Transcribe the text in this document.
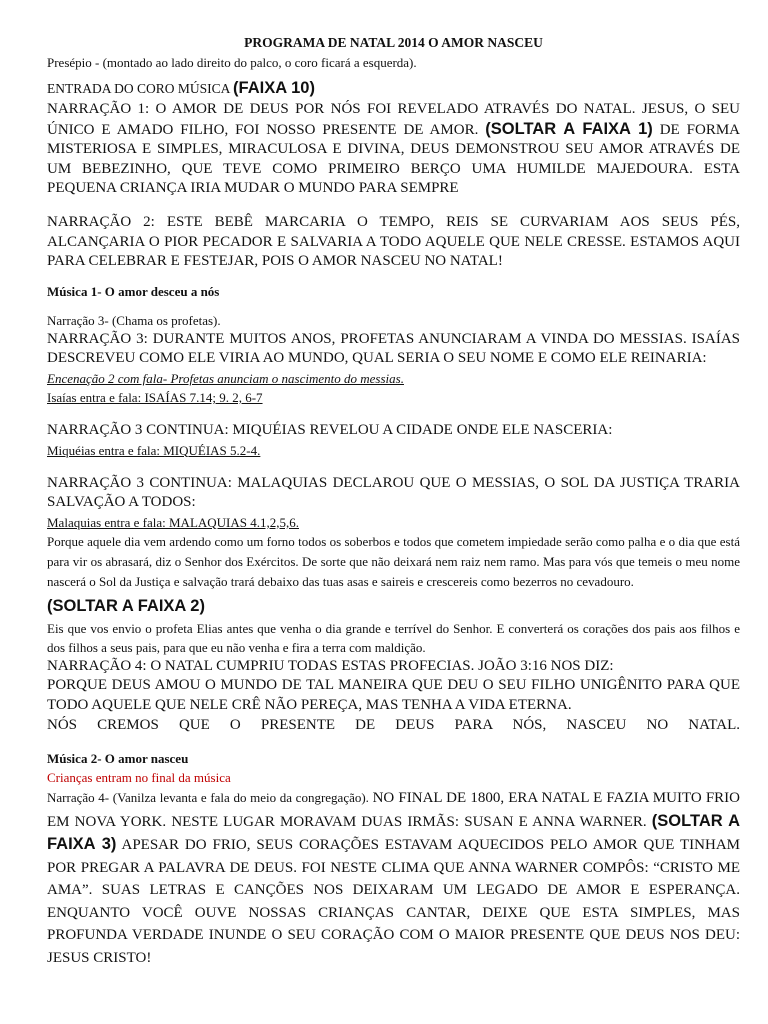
PROGRAMA DE NATAL 2014 O AMOR NASCEU

Presépio - (montado ao lado direito do palco, o coro ficará a esquerda).

ENTRADA DO CORO MÚSICA (FAIXA 10)

NARRAÇÃO 1: O AMOR DE DEUS POR NÓS FOI REVELADO ATRAVÉS DO NATAL. JESUS, O SEU ÚNICO E AMADO FILHO, FOI NOSSO PRESENTE DE AMOR. (SOLTAR A FAIXA 1) DE FORMA MISTERIOSA E SIMPLES, MIRACULOSA E DIVINA, DEUS DEMONSTROU SEU AMOR ATRAVÉS DE UM BEBEZINHO, QUE TEVE COMO PRIMEIRO BERÇO UMA HUMILDE MAJEDOURA. ESTA PEQUENA CRIANÇA IRIA MUDAR O MUNDO PARA SEMPRE

NARRAÇÃO 2: ESTE BEBÊ MARCARIA O TEMPO, REIS SE CURVARIAM AOS SEUS PÉS, ALCANÇARIA O PIOR PECADOR E SALVARIA A TODO AQUELE QUE NELE CRESSE. ESTAMOS AQUI PARA CELEBRAR E FESTEJAR, POIS O AMOR NASCEU NO NATAL!

Música 1- O amor desceu a nós

Narração 3- (Chama os profetas).

NARRAÇÃO 3: DURANTE MUITOS ANOS, PROFETAS ANUNCIARAM A VINDA DO MESSIAS. ISAÍAS DESCREVEU COMO ELE VIRIA AO MUNDO, QUAL SERIA O SEU NOME E COMO ELE REINARIA:

Encenação 2 com fala- Profetas anunciam o nascimento do messias.

Isaías entra e fala: ISAÍAS 7.14; 9. 2, 6-7

NARRAÇÃO 3 CONTINUA: MIQUÉIAS REVELOU A CIDADE ONDE ELE NASCERIA:

Miquéias entra e fala: MIQUÉIAS 5.2-4.

NARRAÇÃO 3 CONTINUA: MALAQUIAS DECLAROU QUE O MESSIAS, O SOL DA JUSTIÇA TRARIA SALVAÇÃO A TODOS:

Malaquias entra e fala: MALAQUIAS 4.1,2,5,6.

Porque aquele dia vem ardendo como um forno todos os soberbos e todos que cometem impiedade serão como palha e o dia que está para vir os abrasará, diz o Senhor dos Exércitos. De sorte que não deixará nem raiz nem ramo. Mas para vós que temeis o meu nome nascerá o Sol da Justiça e salvação trará debaixo das tuas asas e saireis e crescereis como bezerros no cevadouro.

(SOLTAR A FAIXA 2)

Eis que vos envio o profeta Elias antes que venha o dia grande e terrível do Senhor. E converterá os corações dos pais aos filhos e dos filhos a seus pais, para que eu não venha e fira a terra com maldição.

NARRAÇÃO 4: O NATAL CUMPRIU TODAS ESTAS PROFECIAS. JOÃO 3:16 NOS DIZ:

PORQUE DEUS AMOU O MUNDO DE TAL MANEIRA QUE DEU O SEU FILHO UNIGÊNITO PARA QUE TODO AQUELE QUE NELE CRÊ NÃO PEREÇA, MAS TENHA A VIDA ETERNA.

NÓS CREMOS QUE O PRESENTE DE DEUS PARA NÓS, NASCEU NO NATAL.

Música 2- O amor nasceu

Crianças entram no final da música

Narração 4- (Vanilza levanta e fala do meio da congregação). NO FINAL DE 1800, ERA NATAL E FAZIA MUITO FRIO EM NOVA YORK. NESTE LUGAR MORAVAM DUAS IRMÃS: SUSAN E ANNA WARNER. (SOLTAR A FAIXA 3) APESAR DO FRIO, SEUS CORAÇÕES ESTAVAM AQUECIDOS PELO AMOR QUE TINHAM POR PREGAR A PALAVRA DE DEUS. FOI NESTE CLIMA QUE ANNA WARNER COMPÔS: “CRISTO ME AMA”. SUAS LETRAS E CANÇÕES NOS DEIXARAM UM LEGADO DE AMOR E ESPERANÇA. ENQUANTO VOCÊ OUVE NOSSAS CRIANÇAS CANTAR, DEIXE QUE ESTA SIMPLES, MAS PROFUNDA VERDADE INUNDE O SEU CORAÇÃO COM O MAIOR PRESENTE QUE DEUS NOS DEU: JESUS CRISTO!
